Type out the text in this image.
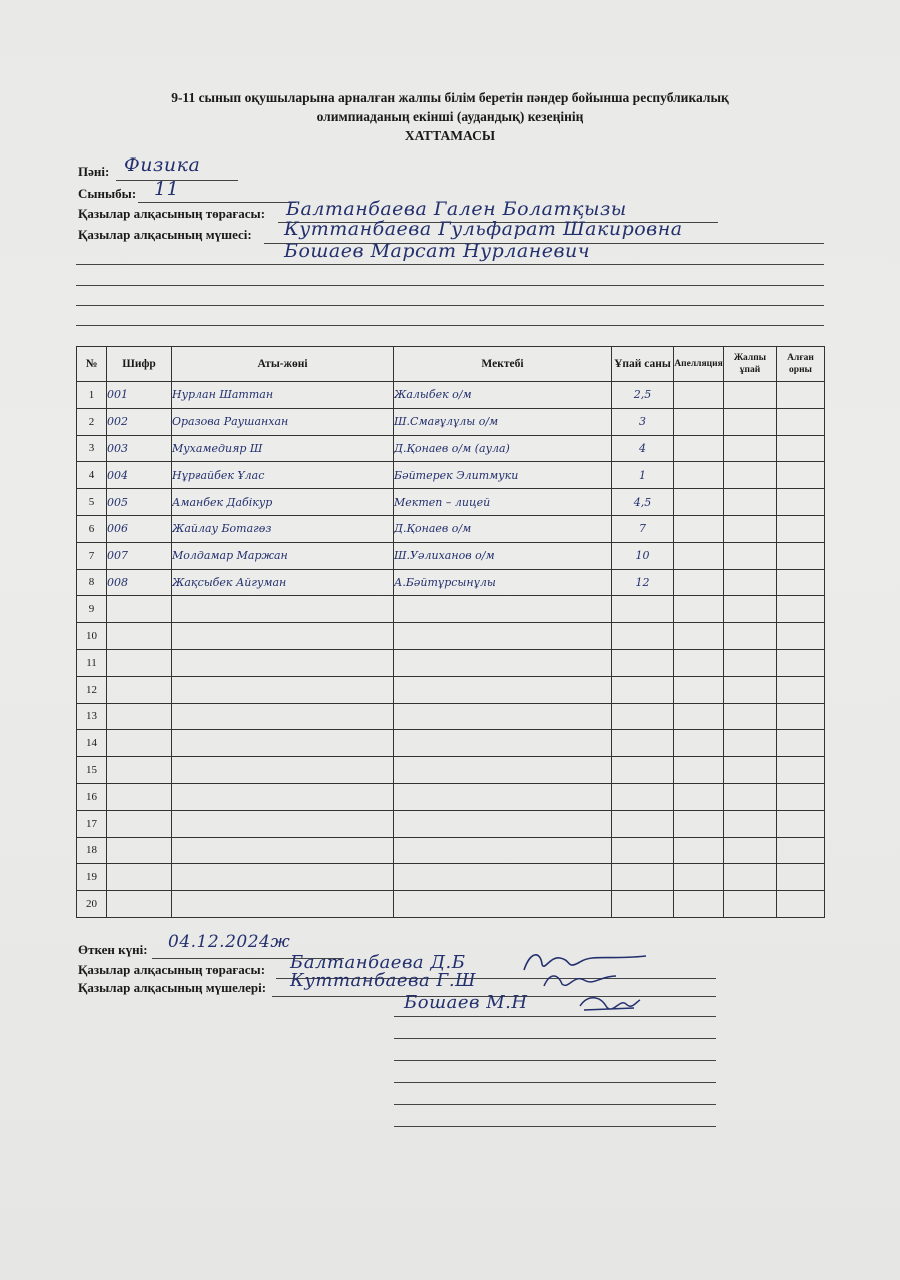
9-11 сынып оқушыларына арналған жалпы білім беретін пәндер бойынша республикалық
олимпиаданың екінші (аудандық) кезеңінің
ХАТТАМАСЫ
Пәні: Физика
Сыныбы: 11
Қазылар алқасының төрағасы: Балтанбаева Гален Болатқызы
Қазылар алқасының мүшесі: Куттанбаева Гульфарат Шакировна
Бошаев Марсат Нурланевич
№	Шифр	Аты-жөні	Мектебі	Ұпай саны	Апелляция	Жалпы ұпай	Алған орны
1	001	Нурлан Шаттан	Жалыбек о/м	2,5			
2	002	Оразова Раушанхан	Ш.Смағұлұлы о/м	3			
3	003	Мухамедияр Ш	Д.Қонаев о/м (аула)	4			
4	004	Нұрғайбек Ұлас	Бәйтерек Элитмуки	1			
5	005	Аманбек Дабікур	Мектеп – лицей	4,5			
6	006	Жайлау Ботагөз	Д.Қонаев о/м	7			
7	007	Молдамар Маржан	Ш.Уәлиханов о/м	10			
8	008	Жақсыбек Айгуман	А.Бәйтұрсынұлы	12			
9							
10							
11							
12							
13							
14							
15							
16							
17							
18							
19							
20							
Өткен күні: 04.12.2024ж
Қазылар алқасының төрағасы: Балтанбаева Д.Б
Қазылар алқасының мүшелері: Куттанбаева Г.Ш
Бошаев М.Н
